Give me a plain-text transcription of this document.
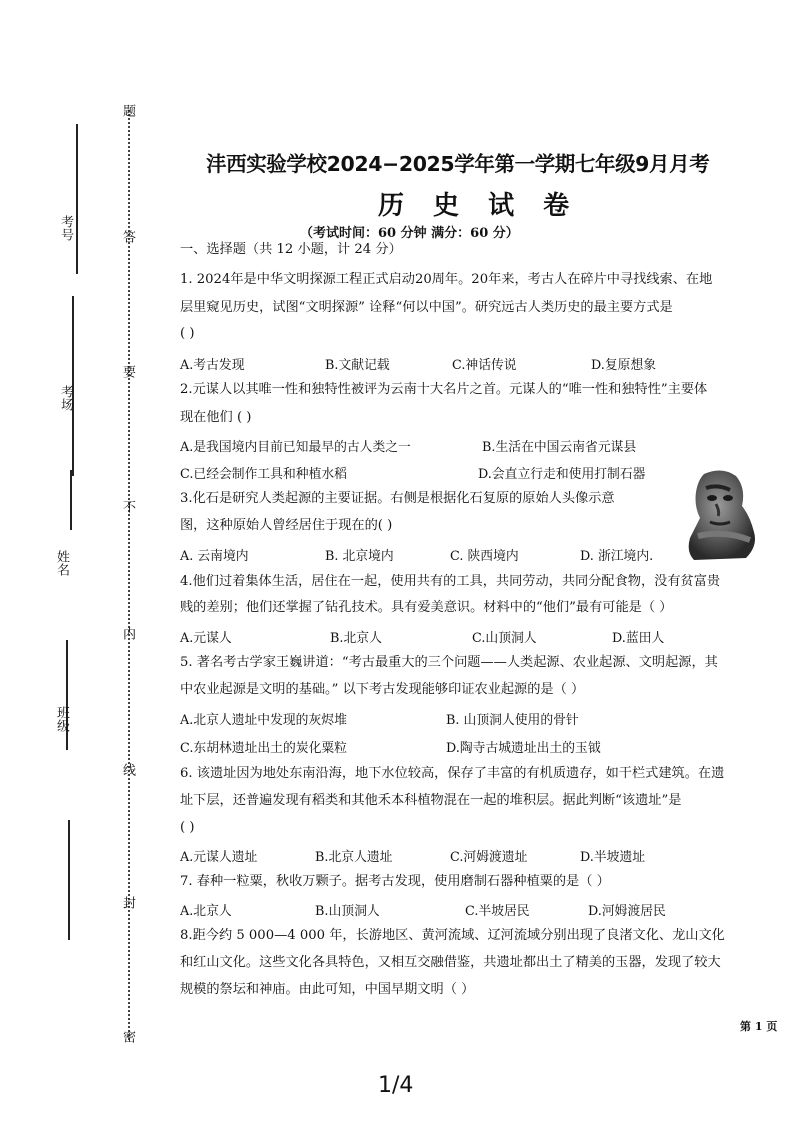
考号
考场
姓名
班级
题
答
要
不
内
线
封
密
沣西实验学校2024−2025学年第一学期七年级9月月考
历 史 试 卷
（考试时间：60 分钟 满分：60 分）
一、选择题（共 12 小题，计 24 分）
1. 2024年是中华文明探源工程正式启动20周年。20年来，考古人在碎片中寻找线索、在地
层里窥见历史，试图“文明探源” 诠释“何以中国”。研究远古人类历史的最主要方式是
( )
A.考古发现	B.文献记载	C.神话传说	D.复原想象
2.元谋人以其唯一性和独特性被评为云南十大名片之首。元谋人的“唯一性和独特性”主要体
现在他们 ( )
A.是我国境内目前已知最早的古人类之一	B.生活在中国云南省元谋县
C.已经会制作工具和种植水稻	D.会直立行走和使用打制石器
3.化石是研究人类起源的主要证据。右侧是根据化石复原的原始人头像示意
图，这种原始人曾经居住于现在的( )
A. 云南境内	B. 北京境内	C. 陕西境内	D. 浙江境内.
4.他们过着集体生活，居住在一起，使用共有的工具，共同劳动，共同分配食物，没有贫富贵
贱的差别；他们还掌握了钻孔技术。具有爱美意识。材料中的“他们”最有可能是（ ）
A.元谋人	B.北京人	C.山顶洞人	D.蓝田人
5. 著名考古学家王巍讲道：“考古最重大的三个问题——人类起源、农业起源、文明起源，其
中农业起源是文明的基础。” 以下考古发现能够印证农业起源的是（ ）
A.北京人遗址中发现的灰烬堆	B. 山顶洞人使用的骨针
C.东胡林遗址出土的炭化粟粒	D.陶寺古城遗址出土的玉钺
6. 该遗址因为地处东南沿海，地下水位较高，保存了丰富的有机质遗存，如干栏式建筑。在遗
址下层，还普遍发现有稻类和其他禾本科植物混在一起的堆积层。据此判断“该遗址”是
( )
A.元谋人遗址	B.北京人遗址	C.河姆渡遗址	D.半坡遗址
7. 春种一粒粟，秋收万颗子。据考古发现，使用磨制石器种植粟的是（ ）
A.北京人	B.山顶洞人	C.半坡居民	D.河姆渡居民
8.距今约 5 000—4 000 年，长游地区、黄河流域、辽河流域分别出现了良渚文化、龙山文化
和红山文化。这些文化各具特色，又相互交融借鉴，共遗址都出土了精美的玉器，发现了较大
规模的祭坛和神庙。由此可知，中国早期文明（ ）
第 1 页
1/4
